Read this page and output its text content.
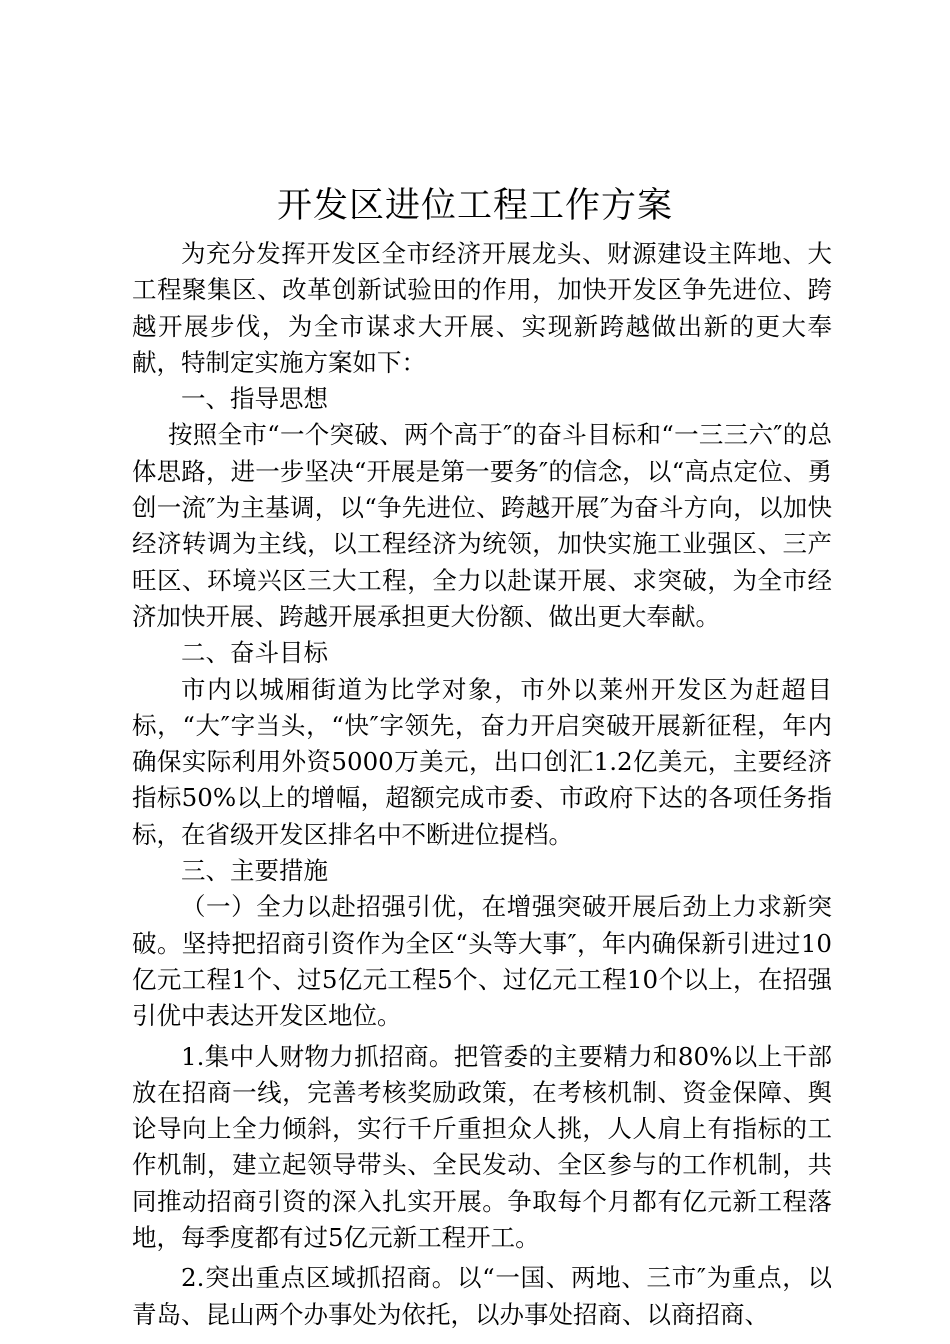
开发区进位工程工作方案

为充分发挥开发区全市经济开展龙头、财源建设主阵地、大工程聚集区、改革创新试验田的作用，加快开发区争先进位、跨越开展步伐，为全市谋求大开展、实现新跨越做出新的更大奉献，特制定实施方案如下：

一、指导思想

按照全市“一个突破、两个高于″的奋斗目标和“一三三六″的总体思路，进一步坚决“开展是第一要务″的信念，以“高点定位、勇创一流″为主基调，以“争先进位、跨越开展″为奋斗方向，以加快经济转调为主线，以工程经济为统领，加快实施工业强区、三产旺区、环境兴区三大工程，全力以赴谋开展、求突破，为全市经济加快开展、跨越开展承担更大份额、做出更大奉献。

二、奋斗目标

市内以城厢街道为比学对象，市外以莱州开发区为赶超目标，“大″字当头，“快″字领先，奋力开启突破开展新征程，年内确保实际利用外资5000万美元，出口创汇1.2亿美元，主要经济指标50%以上的增幅，超额完成市委、市政府下达的各项任务指标，在省级开发区排名中不断进位提档。

三、主要措施

（一）全力以赴招强引优，在增强突破开展后劲上力求新突破。坚持把招商引资作为全区“头等大事″，年内确保新引进过10亿元工程1个、过5亿元工程5个、过亿元工程10个以上，在招强引优中表达开发区地位。

1.集中人财物力抓招商。把管委的主要精力和80%以上干部放在招商一线，完善考核奖励政策，在考核机制、资金保障、舆论导向上全力倾斜，实行千斤重担众人挑，人人肩上有指标的工作机制，建立起领导带头、全民发动、全区参与的工作机制，共同推动招商引资的深入扎实开展。争取每个月都有亿元新工程落地，每季度都有过5亿元新工程开工。

2.突出重点区域抓招商。以“一国、两地、三市″为重点，以青岛、昆山两个办事处为依托，以办事处招商、以商招商、
